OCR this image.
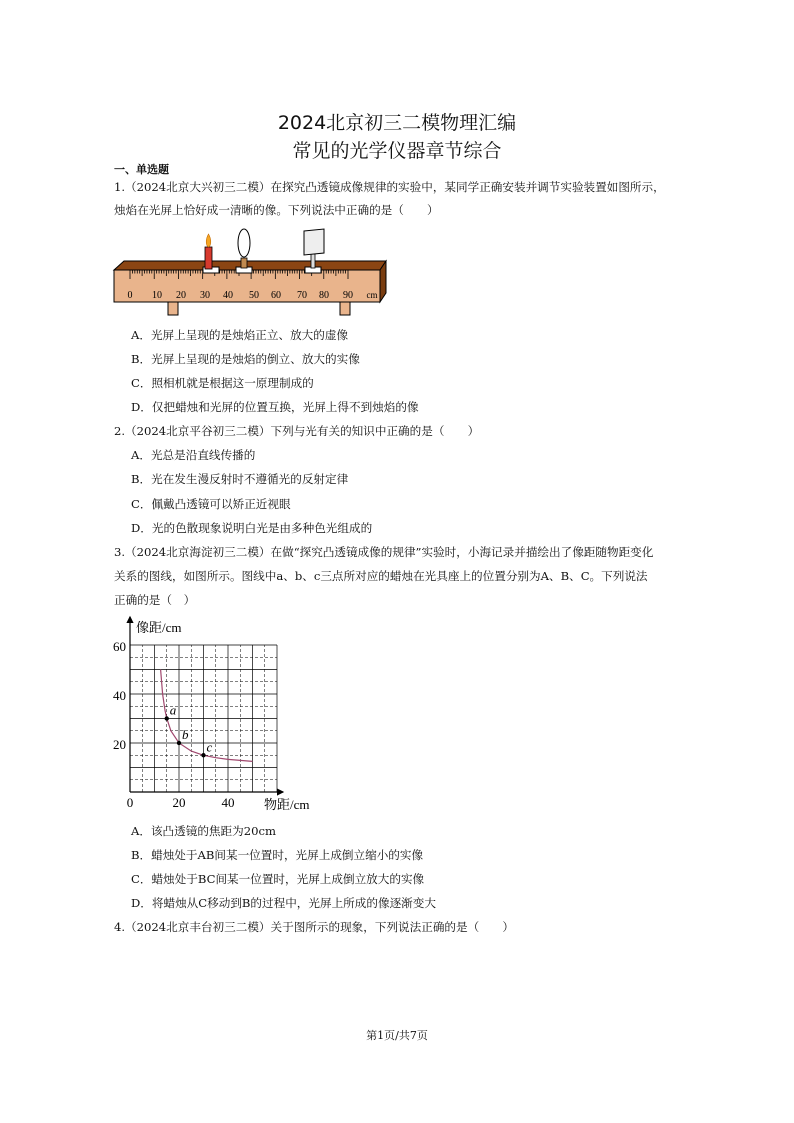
2024北京初三二模物理汇编
常见的光学仪器章节综合
一、单选题
1.（2024北京大兴初三二模）在探究凸透镜成像规律的实验中，某同学正确安装并调节实验装置如图所示，
烛焰在光屏上恰好成一清晰的像。下列说法中正确的是（　　）
0 10 20 30 40 50 60 70 80 90 cm
A．光屏上呈现的是烛焰正立、放大的虚像
B．光屏上呈现的是烛焰的倒立、放大的实像
C．照相机就是根据这一原理制成的
D．仅把蜡烛和光屏的位置互换，光屏上得不到烛焰的像
2.（2024北京平谷初三二模）下列与光有关的知识中正确的是（　　）
A．光总是沿直线传播的
B．光在发生漫反射时不遵循光的反射定律
C．佩戴凸透镜可以矫正近视眼
D．光的色散现象说明白光是由多种色光组成的
3.（2024北京海淀初三二模）在做“探究凸透镜成像的规律”实验时，小海记录并描绘出了像距随物距变化
关系的图线，如图所示。图线中a、b、c三点所对应的蜡烛在光具座上的位置分别为A、B、C。下列说法
正确的是（　）
像距/cm
物距/cm
0	20	40
20
40
60
a
b
c
A．该凸透镜的焦距为20cm
B．蜡烛处于AB间某一位置时，光屏上成倒立缩小的实像
C．蜡烛处于BC间某一位置时，光屏上成倒立放大的实像
D．将蜡烛从C移动到B的过程中，光屏上所成的像逐渐变大
4.（2024北京丰台初三二模）关于图所示的现象，下列说法正确的是（　　）
第1页/共7页
